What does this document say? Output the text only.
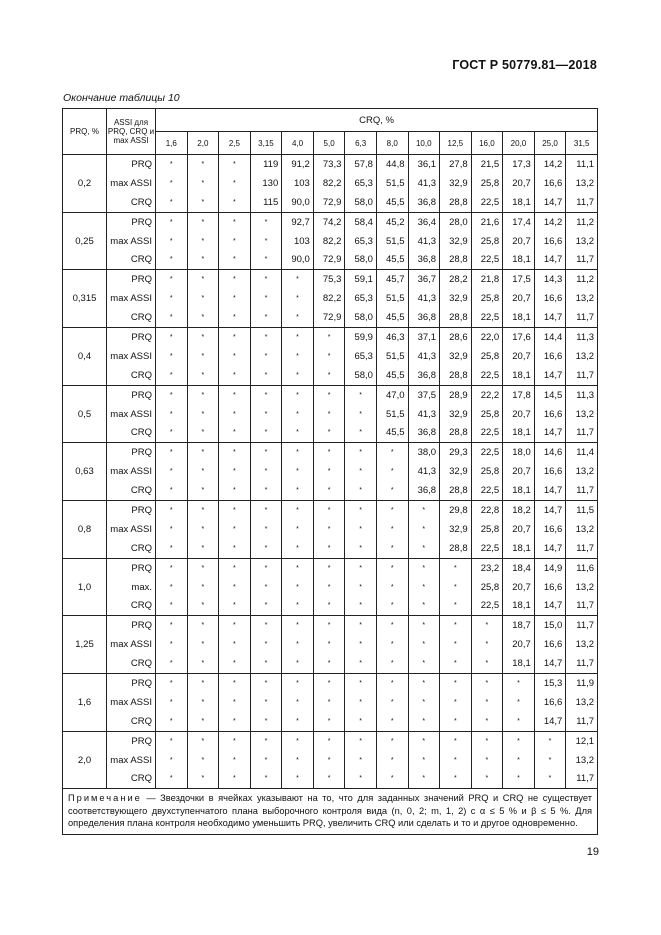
ГОСТ Р 50779.81—2018
Окончание таблицы 10
PRQ, %	ASSI для PRQ, CRQ и max ASSI	CRQ, %													
		1,6	2,0	2,5	3,15	4,0	5,0	6,3	8,0	10,0	12,5	16,0	20,0	25,0	31,5
0,2	PRQ	*	*	*	119	91,2	73,3	57,8	44,8	36,1	27,8	21,5	17,3	14,2	11,1
	max ASSI	*	*	*	130	103	82,2	65,3	51,5	41,3	32,9	25,8	20,7	16,6	13,2
	CRQ	*	*	*	115	90,0	72,9	58,0	45,5	36,8	28,8	22,5	18,1	14,7	11,7
0,25	PRQ	*	*	*	*	92,7	74,2	58,4	45,2	36,4	28,0	21,6	17,4	14,2	11,2
	max ASSI	*	*	*	*	103	82,2	65,3	51,5	41,3	32,9	25,8	20,7	16,6	13,2
	CRQ	*	*	*	*	90,0	72,9	58,0	45,5	36,8	28,8	22,5	18,1	14,7	11,7
0,315	PRQ	*	*	*	*	*	75,3	59,1	45,7	36,7	28,2	21,8	17,5	14,3	11,2
	max ASSI	*	*	*	*	*	82,2	65,3	51,5	41,3	32,9	25,8	20,7	16,6	13,2
	CRQ	*	*	*	*	*	72,9	58,0	45,5	36,8	28,8	22,5	18,1	14,7	11,7
0,4	PRQ	*	*	*	*	*	*	59,9	46,3	37,1	28,6	22,0	17,6	14,4	11,3
	max ASSI	*	*	*	*	*	*	65,3	51,5	41,3	32,9	25,8	20,7	16,6	13,2
	CRQ	*	*	*	*	*	*	58,0	45,5	36,8	28,8	22,5	18,1	14,7	11,7
0,5	PRQ	*	*	*	*	*	*	*	47,0	37,5	28,9	22,2	17,8	14,5	11,3
	max ASSI	*	*	*	*	*	*	*	51,5	41,3	32,9	25,8	20,7	16,6	13,2
	CRQ	*	*	*	*	*	*	*	45,5	36,8	28,8	22,5	18,1	14,7	11,7
0,63	PRQ	*	*	*	*	*	*	*	*	38,0	29,3	22,5	18,0	14,6	11,4
	max ASSI	*	*	*	*	*	*	*	*	41,3	32,9	25,8	20,7	16,6	13,2
	CRQ	*	*	*	*	*	*	*	*	36,8	28,8	22,5	18,1	14,7	11,7
0,8	PRQ	*	*	*	*	*	*	*	*	*	29,8	22,8	18,2	14,7	11,5
	max ASSI	*	*	*	*	*	*	*	*	*	32,9	25,8	20,7	16,6	13,2
	CRQ	*	*	*	*	*	*	*	*	*	28,8	22,5	18,1	14,7	11,7
1,0	PRQ	*	*	*	*	*	*	*	*	*	*	23,2	18,4	14,9	11,6
	max.	*	*	*	*	*	*	*	*	*	*	25,8	20,7	16,6	13,2
	CRQ	*	*	*	*	*	*	*	*	*	*	22,5	18,1	14,7	11,7
1,25	PRQ	*	*	*	*	*	*	*	*	*	*	*	18,7	15,0	11,7
	max ASSI	*	*	*	*	*	*	*	*	*	*	*	20,7	16,6	13,2
	CRQ	*	*	*	*	*	*	*	*	*	*	*	18,1	14,7	11,7
1,6	PRQ	*	*	*	*	*	*	*	*	*	*	*	*	15,3	11,9
	max ASSI	*	*	*	*	*	*	*	*	*	*	*	*	16,6	13,2
	CRQ	*	*	*	*	*	*	*	*	*	*	*	*	14,7	11,7
2,0	PRQ	*	*	*	*	*	*	*	*	*	*	*	*	*	12,1
	max ASSI	*	*	*	*	*	*	*	*	*	*	*	*	*	13,2
	CRQ	*	*	*	*	*	*	*	*	*	*	*	*	*	11,7
Примечание — Звездочки в ячейках указывают на то, что для заданных значений PRQ и CRQ не существует соответствующего двухступенчатого плана выборочного контроля вида (n, 0, 2; m, 1, 2) с α ≤ 5 % и β ≤ 5 %. Для определения плана контроля необходимо уменьшить PRQ, увеличить CRQ или сделать и то и другое одновременно.															
19
